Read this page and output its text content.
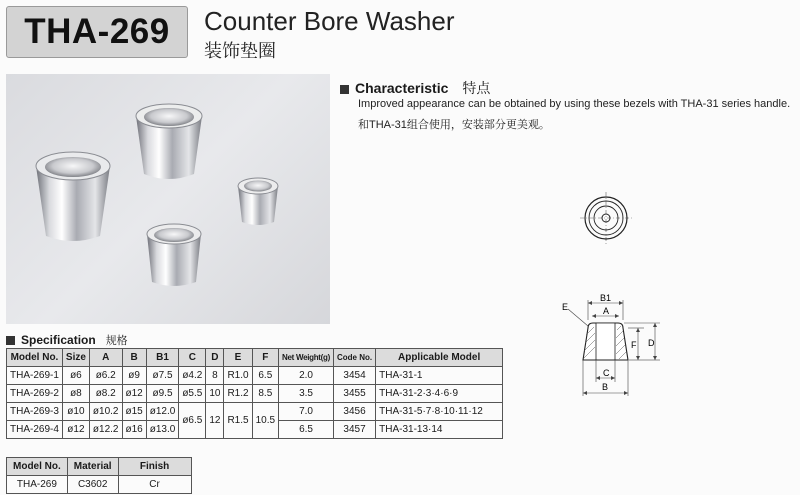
THA-269 Counter Bore Washer
装饰垫圈
Characteristic 特点
Improved appearance can be obtained by using these bezels with THA-31 series handle.
和THA-31组合使用，安装部分更美观。
B1
A
E
F D
C
B
Specification 规格
Model No.	Size	A	B	B1	C	D	E	F	Net Weight(g)	Code No.	Applicable Model
THA-269-1	ø6	ø6.2	ø9	ø7.5	ø4.2	8	R1.0	6.5	2.0	3454	THA-31-1
THA-269-2	ø8	ø8.2	ø12	ø9.5	ø5.5	10	R1.2	8.5	3.5	3455	THA-31-2·3·4·6·9
THA-269-3	ø10	ø10.2	ø15	ø12.0	ø6.5	12	R1.5	10.5	7.0	3456	THA-31-5·7·8·10·11·12
THA-269-4	ø12	ø12.2	ø16	ø13.0					6.5	3457	THA-31-13·14
Model No.	Material	Finish
THA-269	C3602	Cr
